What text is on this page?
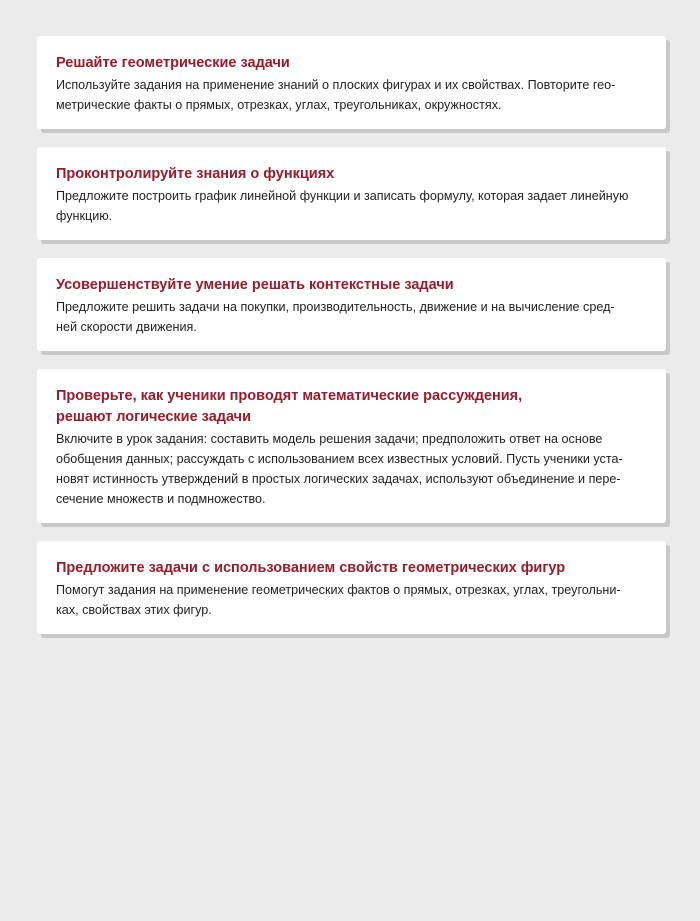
Решайте геометрические задачи
Используйте задания на применение знаний о плоских фигурах и их свойствах. Повторите гео-
метрические факты о прямых, отрезках, углах, треугольниках, окружностях.
Проконтролируйте знания о функциях
Предложите построить график линейной функции и записать формулу, которая задает линейную
функцию.
Усовершенствуйте умение решать контекстные задачи
Предложите решить задачи на покупки, производительность, движение и на вычисление сред-
ней скорости движения.
Проверьте, как ученики проводят математические рассуждения,
решают логические задачи
Включите в урок задания: составить модель решения задачи; предположить ответ на основе
обобщения данных; рассуждать с использованием всех известных условий. Пусть ученики уста-
новят истинность утверждений в простых логических задачах, используют объединение и пере-
сечение множеств и подмножество.
Предложите задачи с использованием свойств геометрических фигур
Помогут задания на применение геометрических фактов о прямых, отрезках, углах, треугольни-
ках, свойствах этих фигур.
